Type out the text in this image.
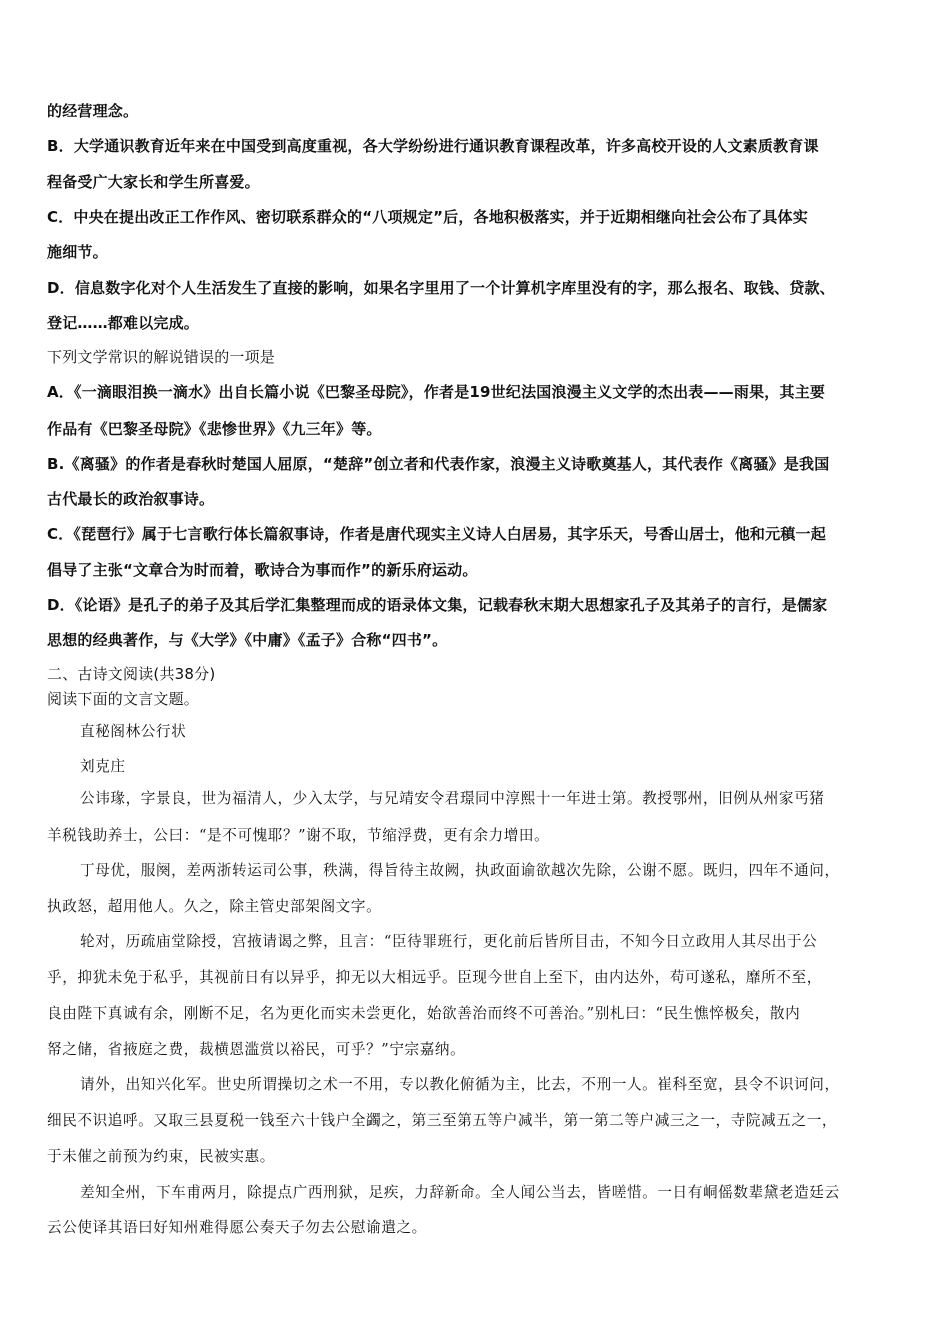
的经营理念。
B．大学通识教育近年来在中国受到高度重视，各大学纷纷进行通识教育课程改革，许多高校开设的人文素质教育课
程备受广大家长和学生所喜爱。
C．中央在提出改正工作作风、密切联系群众的“八项规定”后，各地积极落实，并于近期相继向社会公布了具体实
施细节。
D．信息数字化对个人生活发生了直接的影响，如果名字里用了一个计算机字库里没有的字，那么报名、取钱、贷款、
登记……都难以完成。
下列文学常识的解说错误的一项是
A．《一滴眼泪换一滴水》出自长篇小说《巴黎圣母院》，作者是19世纪法国浪漫主义文学的杰出表——雨果，其主要
作品有《巴黎圣母院》《悲惨世界》《九三年》等。
B.《离骚》的作者是春秋时楚国人屈原，“楚辞”创立者和代表作家，浪漫主义诗歌奠基人，其代表作《离骚》是我国
古代最长的政治叙事诗。
C．《琵琶行》属于七言歌行体长篇叙事诗，作者是唐代现实主义诗人白居易，其字乐天，号香山居士，他和元稹一起
倡导了主张“文章合为时而着，歌诗合为事而作”的新乐府运动。
D．《论语》是孔子的弟子及其后学汇集整理而成的语录体文集，记载春秋末期大思想家孔子及其弟子的言行，是儒家
思想的经典著作，与《大学》《中庸》《孟子》合称“四书”。
二、古诗文阅读(共38分)
阅读下面的文言文题。
直秘阁林公行状
刘克庄
公讳瑑，字景良，世为福清人，少入太学，与兄靖安令君璟同中淳熙十一年进士第。教授鄂州，旧例从州家丐猪
羊税钱助养士，公曰：“是不可愧耶？”谢不取，节缩浮费，更有余力增田。
丁母优，服阕，差两浙转运司公事，秩满，得旨待主故阙，执政面谕欲越次先除，公谢不愿。既归，四年不通问，
执政怒，超用他人。久之，除主管史部架阁文字。
轮对，历疏庙堂除授，宫掖请谒之弊，且言：“臣待罪班行，更化前后皆所目击，不知今日立政用人其尽出于公
乎，抑犹未免于私乎，其视前日有以异乎，抑无以大相远乎。臣现今世自上至下，由内达外，苟可遂私，靡所不至，
良由陛下真诚有余，刚断不足，名为更化而实未尝更化，始欲善治而终不可善治。”别札曰：“民生憔悴极矣，散内
帑之储，省掖庭之费，裁横恩滥赏以裕民，可乎？”宁宗嘉纳。
请外，出知兴化军。世史所谓操切之术一不用，专以教化俯循为主，比去，不刑一人。崔科至宽，县令不识诃问，
细民不识追呼。又取三县夏税一钱至六十钱户全蠲之，第三至第五等户减半，第一第二等户减三之一，寺院减五之一，
于未催之前预为约束，民被实惠。
差知全州，下车甫两月，除提点广西刑狱，足疾，力辞新命。全人闻公当去，皆嗟惜。一日有峒傜数辈黛老造廷云
云公使译其语曰好知州难得愿公奏天子勿去公慰谕遣之。
